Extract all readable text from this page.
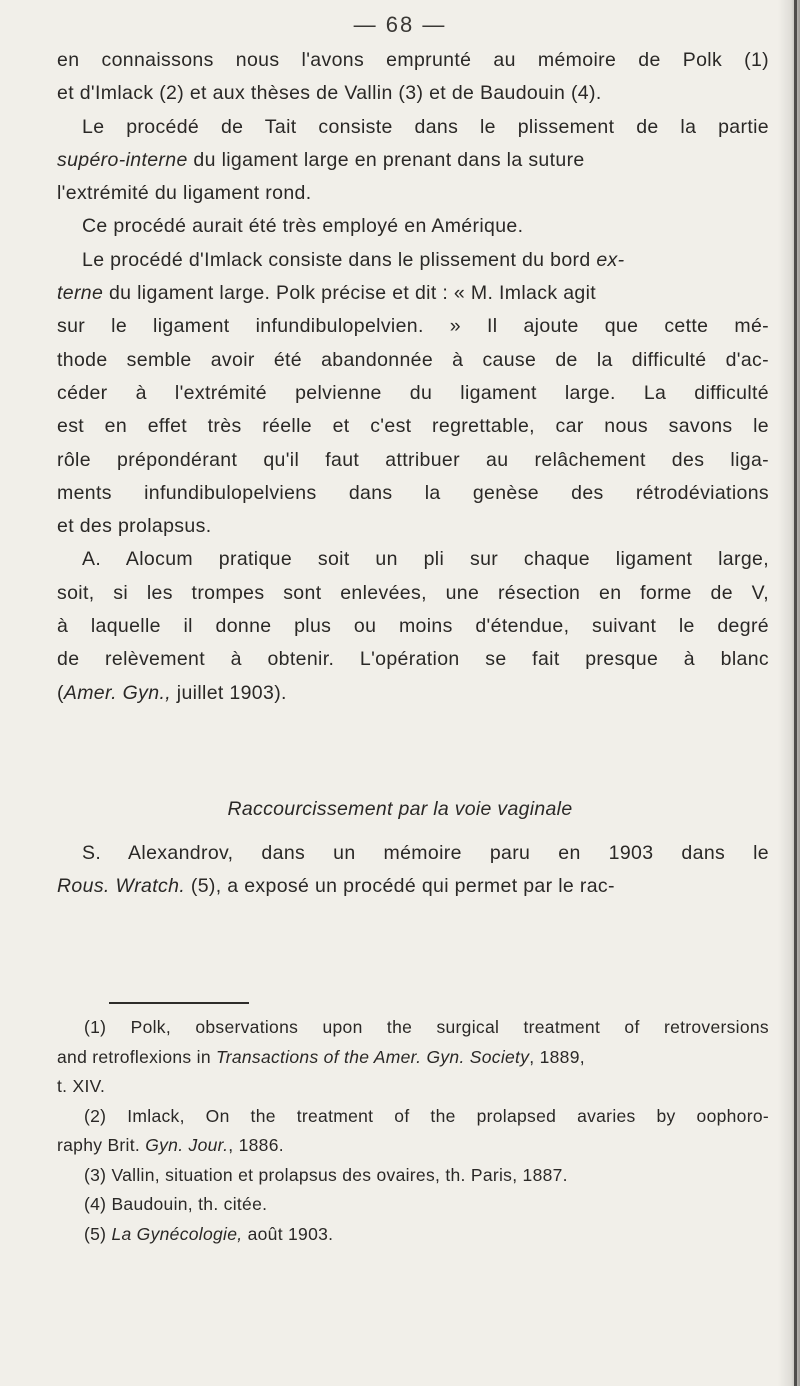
— 68 —
en connaissons nous l'avons emprunté au mémoire de Polk (1)
et d'Imlack (2) et aux thèses de Vallin (3) et de Baudouin (4).
Le procédé de Tait consiste dans le plissement de la partie
supéro-interne du ligament large en prenant dans la suture
l'extrémité du ligament rond.
Ce procédé aurait été très employé en Amérique.
Le procédé d'Imlack consiste dans le plissement du bord ex-
terne du ligament large. Polk précise et dit : « M. Imlack agit
sur le ligament infundibulopelvien. » Il ajoute que cette mé-
thode semble avoir été abandonnée à cause de la difficulté d'ac-
céder à l'extrémité pelvienne du ligament large. La difficulté
est en effet très réelle et c'est regrettable, car nous savons le
rôle prépondérant qu'il faut attribuer au relâchement des liga-
ments infundibulopelviens dans la genèse des rétrodéviations
et des prolapsus.
A. Alocum pratique soit un pli sur chaque ligament large,
soit, si les trompes sont enlevées, une résection en forme de V,
à laquelle il donne plus ou moins d'étendue, suivant le degré
de relèvement à obtenir. L'opération se fait presque à blanc
(Amer. Gyn., juillet 1903).
Raccourcissement par la voie vaginale
S. Alexandrov, dans un mémoire paru en 1903 dans le
Rous. Wratch. (5), a exposé un procédé qui permet par le rac-
(1) Polk, observations upon the surgical treatment of retroversions
and retroflexions in Transactions of the Amer. Gyn. Society, 1889,
t. XIV.
(2) Imlack, On the treatment of the prolapsed avaries by oophoro-
raphy Brit. Gyn. Jour., 1886.
(3) Vallin, situation et prolapsus des ovaires, th. Paris, 1887.
(4) Baudouin, th. citée.
(5) La Gynécologie, août 1903.
